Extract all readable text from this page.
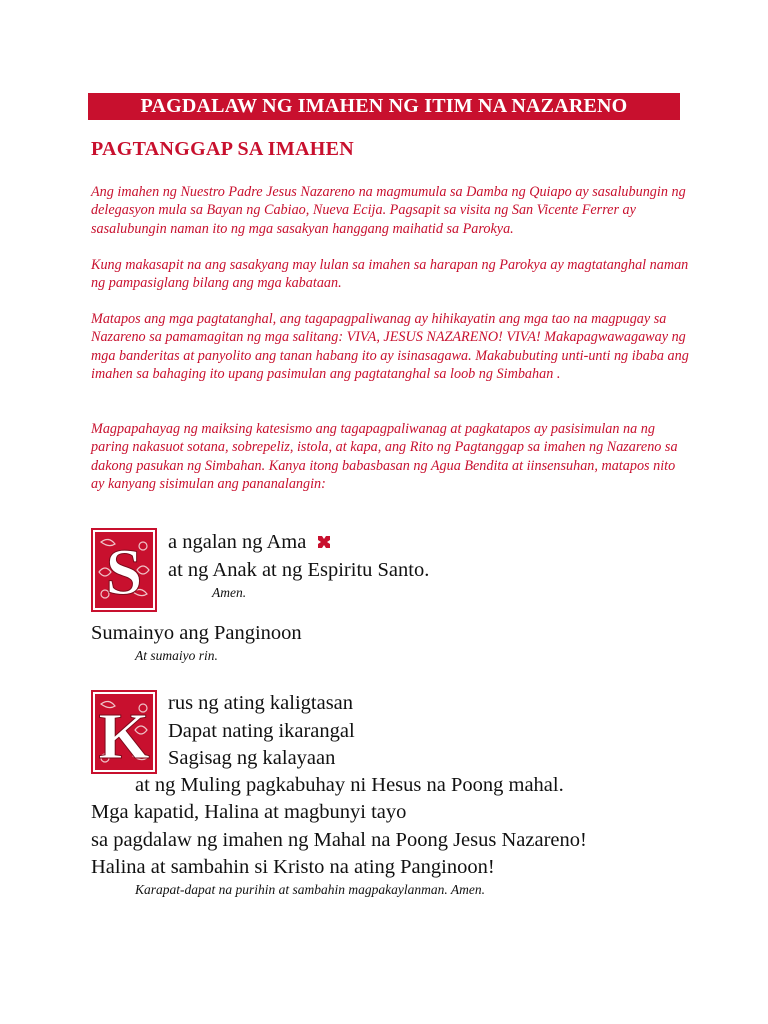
PAGDALAW NG IMAHEN NG ITIM NA NAZARENO
PAGTANGGAP SA IMAHEN
Ang imahen ng Nuestro Padre Jesus Nazareno na magmumula sa Damba ng Quiapo ay sasalubungin ng delegasyon mula sa Bayan ng Cabiao, Nueva Ecija. Pagsapit sa visita ng San Vicente Ferrer ay sasalubungin naman ito ng mga sasakyan hanggang maihatid sa Parokya.
Kung makasapit na ang sasakyang may lulan sa imahen sa harapan ng Parokya ay magtatanghal naman ng pampasiglang bilang ang mga kabataan.
Matapos ang mga pagtatanghal, ang tagapagpaliwanag ay hihikayatin ang mga tao na magpugay sa Nazareno sa pamamagitan ng mga salitang: VIVA, JESUS NAZARENO! VIVA! Makapagwawagaway ng mga banderitas at panyolito ang tanan habang ito ay isinasagawa. Makabubuting unti-unti ng ibaba ang imahen sa bahaging ito upang pasimulan ang pagtatanghal sa loob ng Simbahan .
Magpapahayag ng maiksing katesismo ang tagapagpaliwanag at pagkatapos ay pasisimulan na ng paring nakasuot sotana, sobrepeliz, istola, at kapa, ang Rito ng Pagtanggap sa imahen ng Nazareno sa dakong pasukan ng Simbahan. Kanya itong babasbasan ng Agua Bendita at iinsensuhan, matapos nito ay kanyang sisimulan ang pananalangin:
S a ngalan ng Ama
at ng Anak at ng Espiritu Santo.
Amen.
Sumainyo ang Panginoon
At sumaiyo rin.
K rus ng ating kaligtasan
Dapat nating ikarangal
Sagisag ng kalayaan
at ng Muling pagkabuhay ni Hesus na Poong mahal.
Mga kapatid, Halina at magbunyi tayo
sa pagdalaw ng imahen ng Mahal na Poong Jesus Nazareno!
Halina at sambahin si Kristo na ating Panginoon!
Karapat-dapat na purihin at sambahin magpakaylanman. Amen.
